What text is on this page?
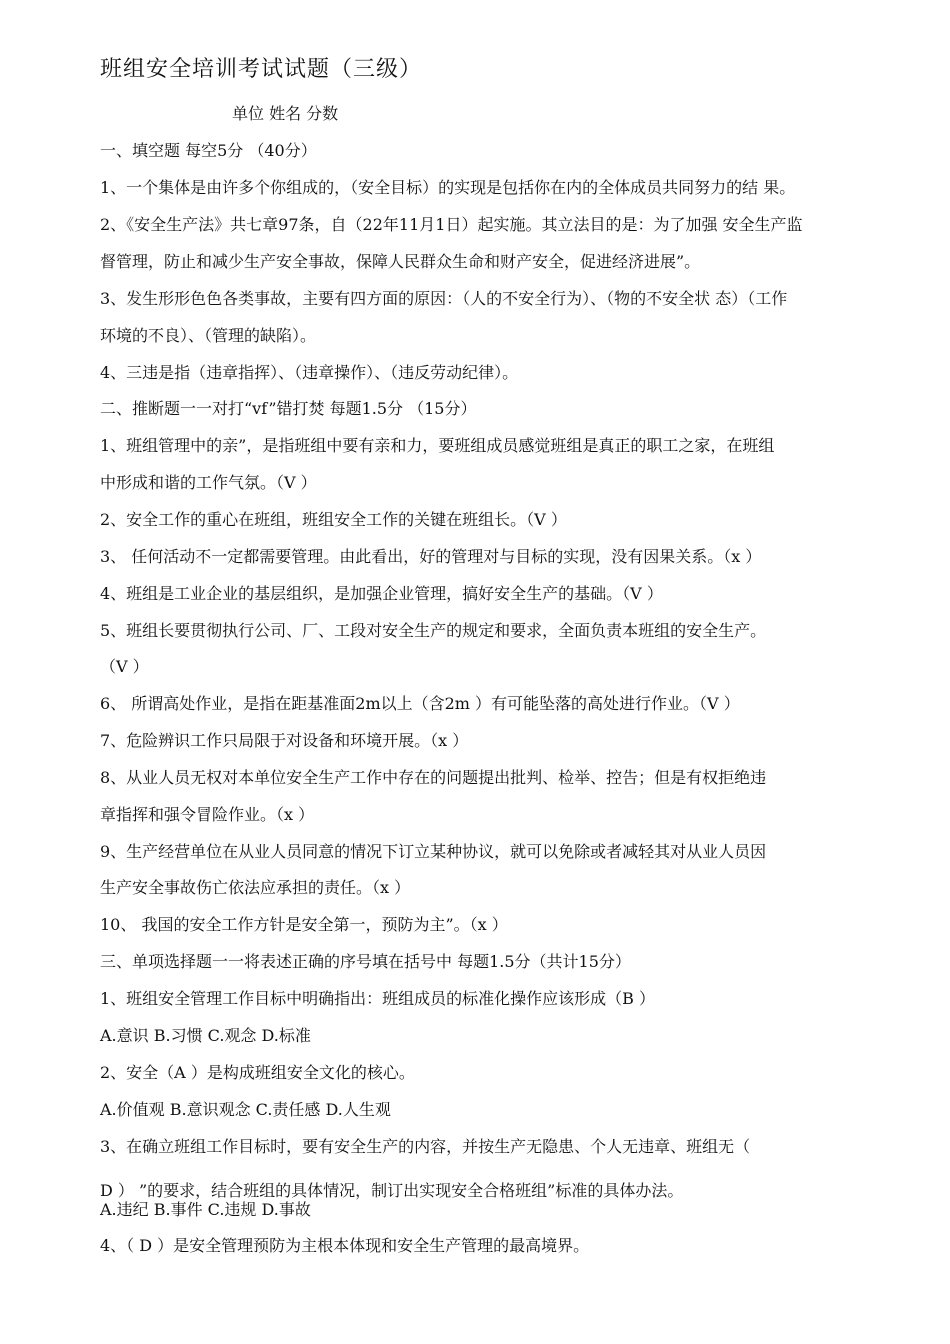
班组安全培训考试试题（三级）
单位 姓名 分数
一、填空题 每空5分 （40分）
1、一个集体是由许多个你组成的，（安全目标）的实现是包括你在内的全体成员共同努力的结 果。
2、《安全生产法》共七章97条，自（22年11月1日）起实施。其立法目的是：为了加强 安全生产监
督管理，防止和减少生产安全事故，保障人民群众生命和财产安全，促进经济进展”。
3、发生形形色色各类事故，主要有四方面的原因：（人的不安全行为）、（物的不安全状 态）（工作
环境的不良）、（管理的缺陷）。
4、三违是指（违章指挥）、（违章操作）、（违反劳动纪律）。
二、推断题一一对打“vf”错打焚 每题1.5分 （15分）
1、班组管理中的亲”，是指班组中要有亲和力，要班组成员感觉班组是真正的职工之家，在班组
中形成和谐的工作气氛。（V ）
2、安全工作的重心在班组，班组安全工作的关键在班组长。（V ）
3、 任何活动不一定都需要管理。由此看出，好的管理对与目标的实现，没有因果关系。（x ）
4、班组是工业企业的基层组织，是加强企业管理，搞好安全生产的基础。（V ）
5、班组长要贯彻执行公司、厂、工段对安全生产的规定和要求，全面负责本班组的安全生产。
（V ）
6、 所谓高处作业，是指在距基准面2m以上（含2m ）有可能坠落的高处进行作业。（V ）
7、危险辨识工作只局限于对设备和环境开展。（x ）
8、从业人员无权对本单位安全生产工作中存在的问题提出批判、检举、控告；但是有权拒绝违
章指挥和强令冒险作业。（x ）
9、生产经营单位在从业人员同意的情况下订立某种协议，就可以免除或者减轻其对从业人员因
生产安全事故伤亡依法应承担的责任。（x ）
10、 我国的安全工作方针是安全第一，预防为主”。（x ）
三、单项选择题一一将表述正确的序号填在括号中 每题1.5分（共计15分）
1、班组安全管理工作目标中明确指出：班组成员的标准化操作应该形成（B ）
A.意识 B.习惯 C.观念 D.标准
2、安全（A ）是构成班组安全文化的核心。
A.价值观 B.意识观念 C.责任感 D.人生观
3、在确立班组工作目标时，要有安全生产的内容，并按生产无隐患、个人无违章、班组无（
D ） ”的要求，结合班组的具体情况，制订出实现安全合格班组”标准的具体办法。
A.违纪 B.事件 C.违规 D.事故
4、（ D ）是安全管理预防为主根本体现和安全生产管理的最高境界。
